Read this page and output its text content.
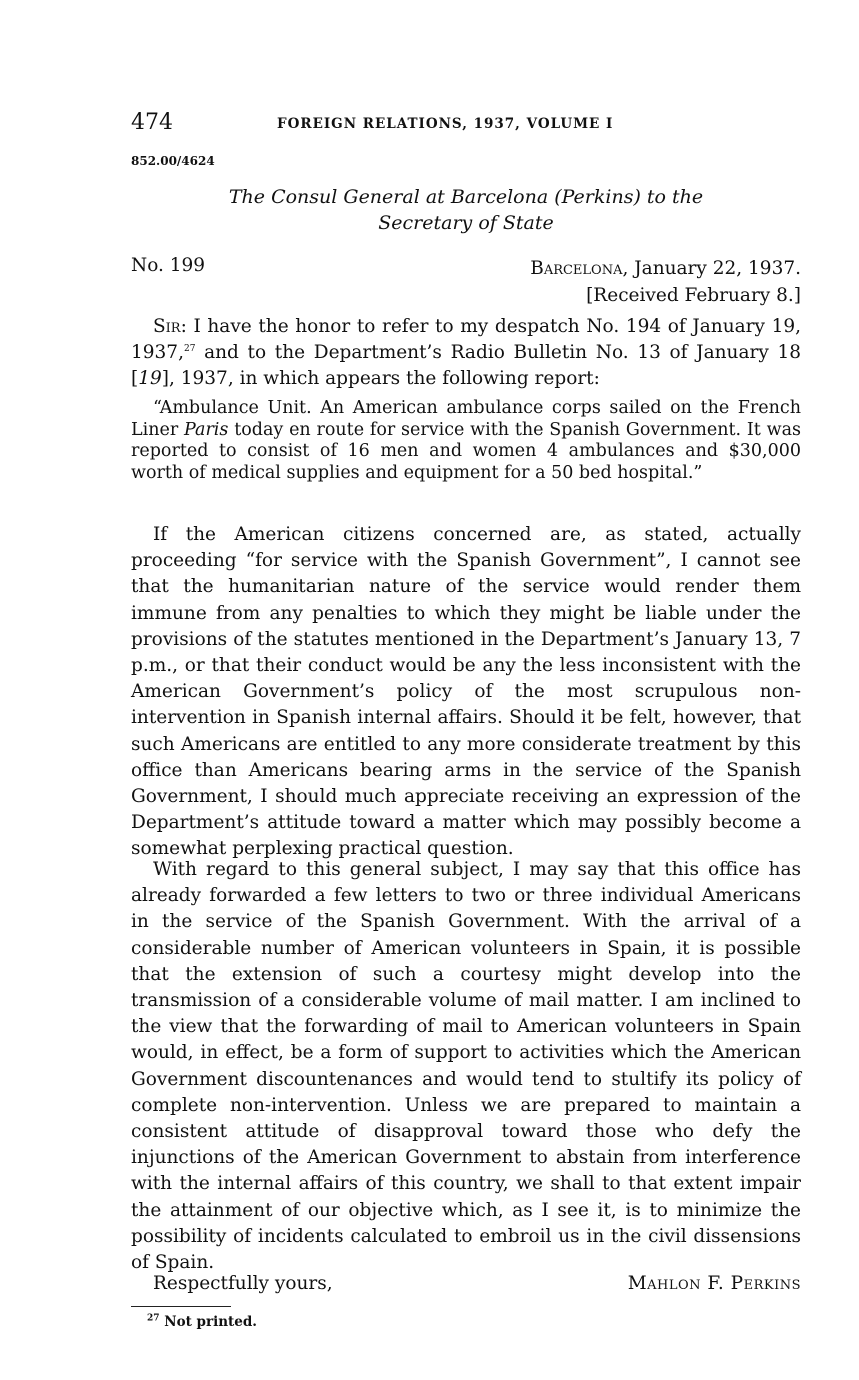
474	FOREIGN RELATIONS, 1937, VOLUME I
852.00/4624
The Consul General at Barcelona (Perkins) to the
Secretary of State
No. 199	Barcelona, January 22, 1937.
[Received February 8.]
Sir: I have the honor to refer to my despatch No. 194 of January 19, 1937,27 and to the Department’s Radio Bulletin No. 13 of January 18 [19], 1937, in which appears the following report:
“Ambulance Unit. An American ambulance corps sailed on the French Liner Paris today en route for service with the Spanish Government. It was reported to consist of 16 men and women 4 ambulances and $30,000 worth of medical supplies and equipment for a 50 bed hospital.”
If the American citizens concerned are, as stated, actually proceeding “for service with the Spanish Government”, I cannot see that the humanitarian nature of the service would render them immune from any penalties to which they might be liable under the provisions of the statutes mentioned in the Department’s January 13, 7 p.m., or that their conduct would be any the less inconsistent with the American Government’s policy of the most scrupulous non-intervention in Spanish internal affairs. Should it be felt, however, that such Americans are entitled to any more considerate treatment by this office than Americans bearing arms in the service of the Spanish Government, I should much appreciate receiving an expression of the Department’s attitude toward a matter which may possibly become a somewhat perplexing practical question.
With regard to this general subject, I may say that this office has already forwarded a few letters to two or three individual Americans in the service of the Spanish Government. With the arrival of a considerable number of American volunteers in Spain, it is possible that the extension of such a courtesy might develop into the transmission of a considerable volume of mail matter. I am inclined to the view that the forwarding of mail to American volunteers in Spain would, in effect, be a form of support to activities which the American Government discountenances and would tend to stultify its policy of complete non-intervention. Unless we are prepared to maintain a consistent attitude of disapproval toward those who defy the injunctions of the American Government to abstain from interference with the internal affairs of this country, we shall to that extent impair the attainment of our objective which, as I see it, is to minimize the possibility of incidents calculated to embroil us in the civil dissensions of Spain.
Respectfully yours,	Mahlon F. Perkins
$^{27}$ Not printed.
